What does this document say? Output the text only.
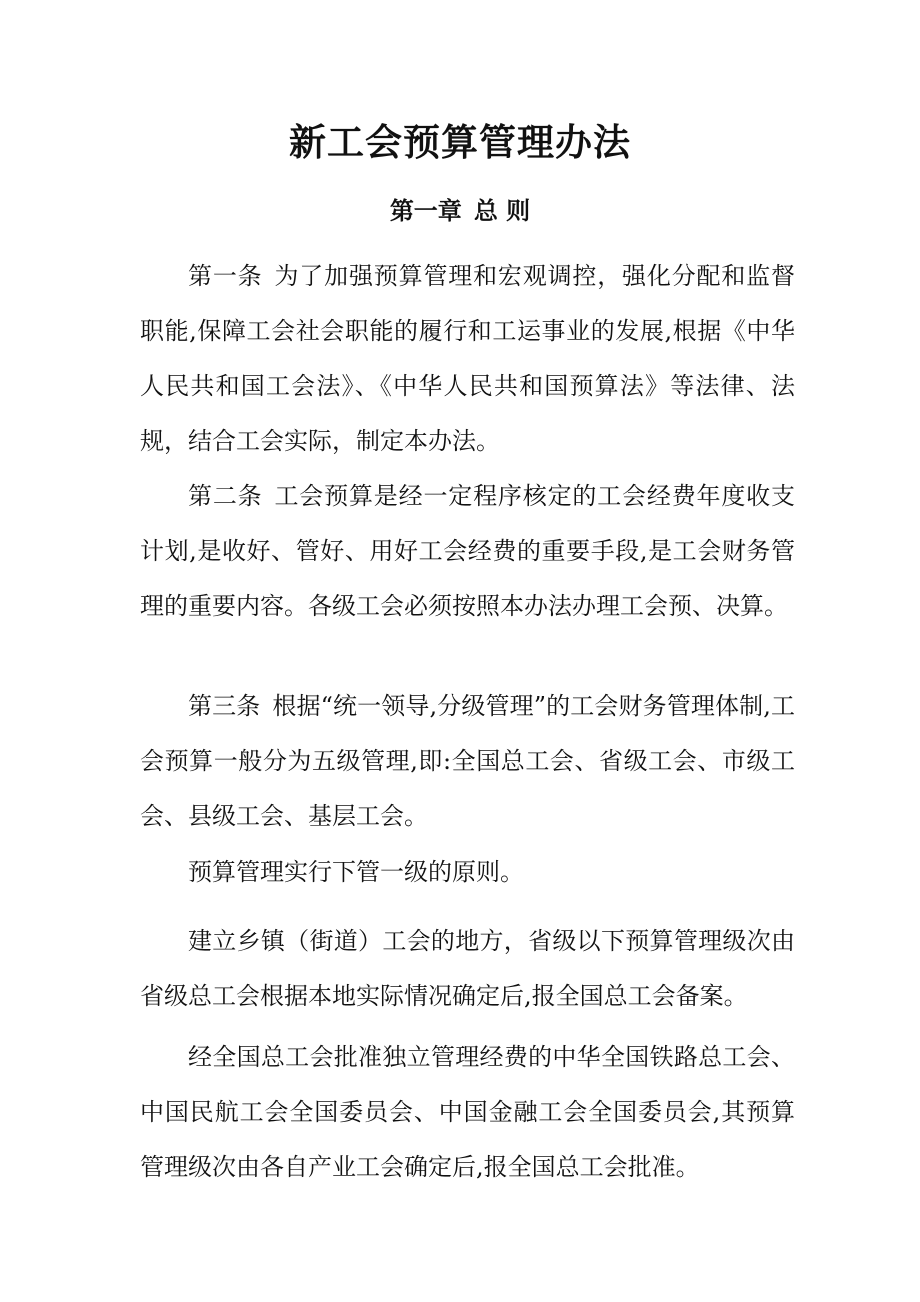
新工会预算管理办法
第一章 总 则

第一条 为了加强预算管理和宏观调控，强化分配和监督职能,保障工会社会职能的履行和工运事业的发展,根据《中华人民共和国工会法》、《中华人民共和国预算法》等法律、法规，结合工会实际，制定本办法。

第二条 工会预算是经一定程序核定的工会经费年度收支计划,是收好、管好、用好工会经费的重要手段,是工会财务管理的重要内容。各级工会必须按照本办法办理工会预、决算。

第三条 根据“统一领导,分级管理”的工会财务管理体制,工会预算一般分为五级管理,即:全国总工会、省级工会、市级工会、县级工会、基层工会。

预算管理实行下管一级的原则。

建立乡镇（街道）工会的地方，省级以下预算管理级次由省级总工会根据本地实际情况确定后,报全国总工会备案。

经全国总工会批准独立管理经费的中华全国铁路总工会、中国民航工会全国委员会、中国金融工会全国委员会,其预算管理级次由各自产业工会确定后,报全国总工会批准。
